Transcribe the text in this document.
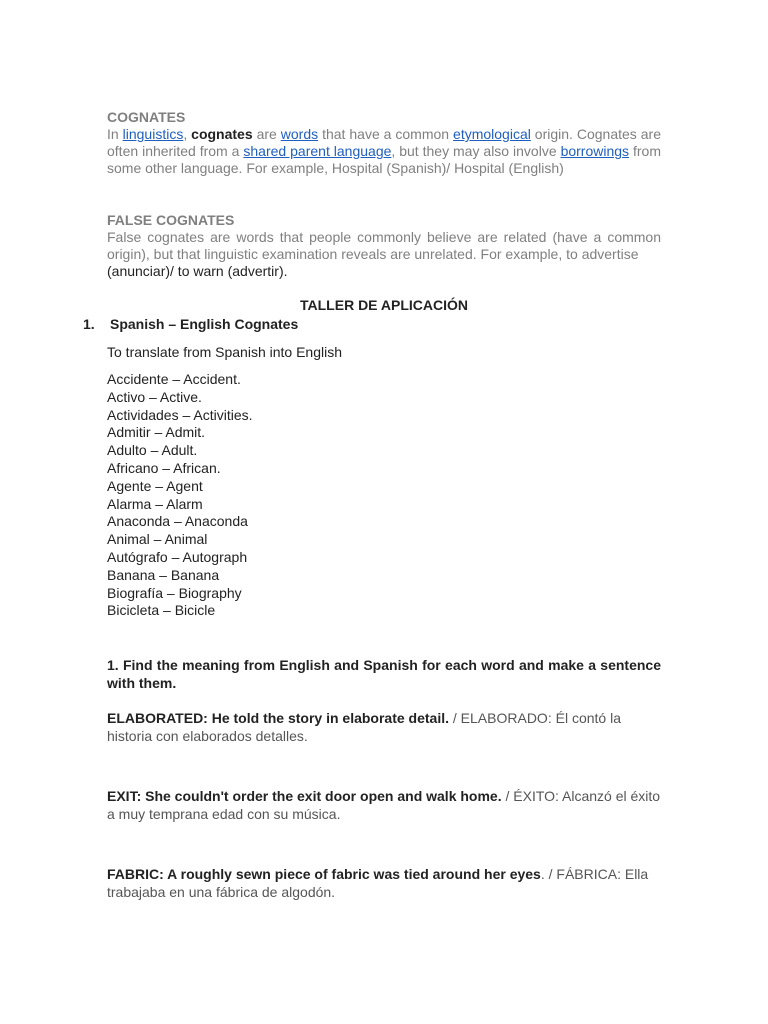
COGNATES

In linguistics, cognates are words that have a common etymological origin. Cognates are often inherited from a shared parent language, but they may also involve borrowings from some other language. For example, Hospital (Spanish)/ Hospital (English)

FALSE COGNATES

False cognates are words that people commonly believe are related (have a common origin), but that linguistic examination reveals are unrelated. For example, to advertise
(anunciar)/ to warn (advertir).

TALLER DE APLICACIÓN
1. Spanish – English Cognates
To translate from Spanish into English
Accidente – Accident.
Activo – Active.
Actividades – Activities.
Admitir – Admit.
Adulto – Adult.
Africano – African.
Agente – Agent
Alarma – Alarm
Anaconda – Anaconda
Animal – Animal
Autógrafo – Autograph
Banana – Banana
Biografía – Biography
Bicicleta – Bicicle
1. Find the meaning from English and Spanish for each word and make a sentence with them.
ELABORATED: He told the story in elaborate detail. / ELABORADO: Él contó la historia con elaborados detalles.
EXIT: She couldn't order the exit door open and walk home. / ÉXITO: Alcanzó el éxito a muy temprana edad con su música.
FABRIC: A roughly sewn piece of fabric was tied around her eyes. / FÁBRICA: Ella trabajaba en una fábrica de algodón.
